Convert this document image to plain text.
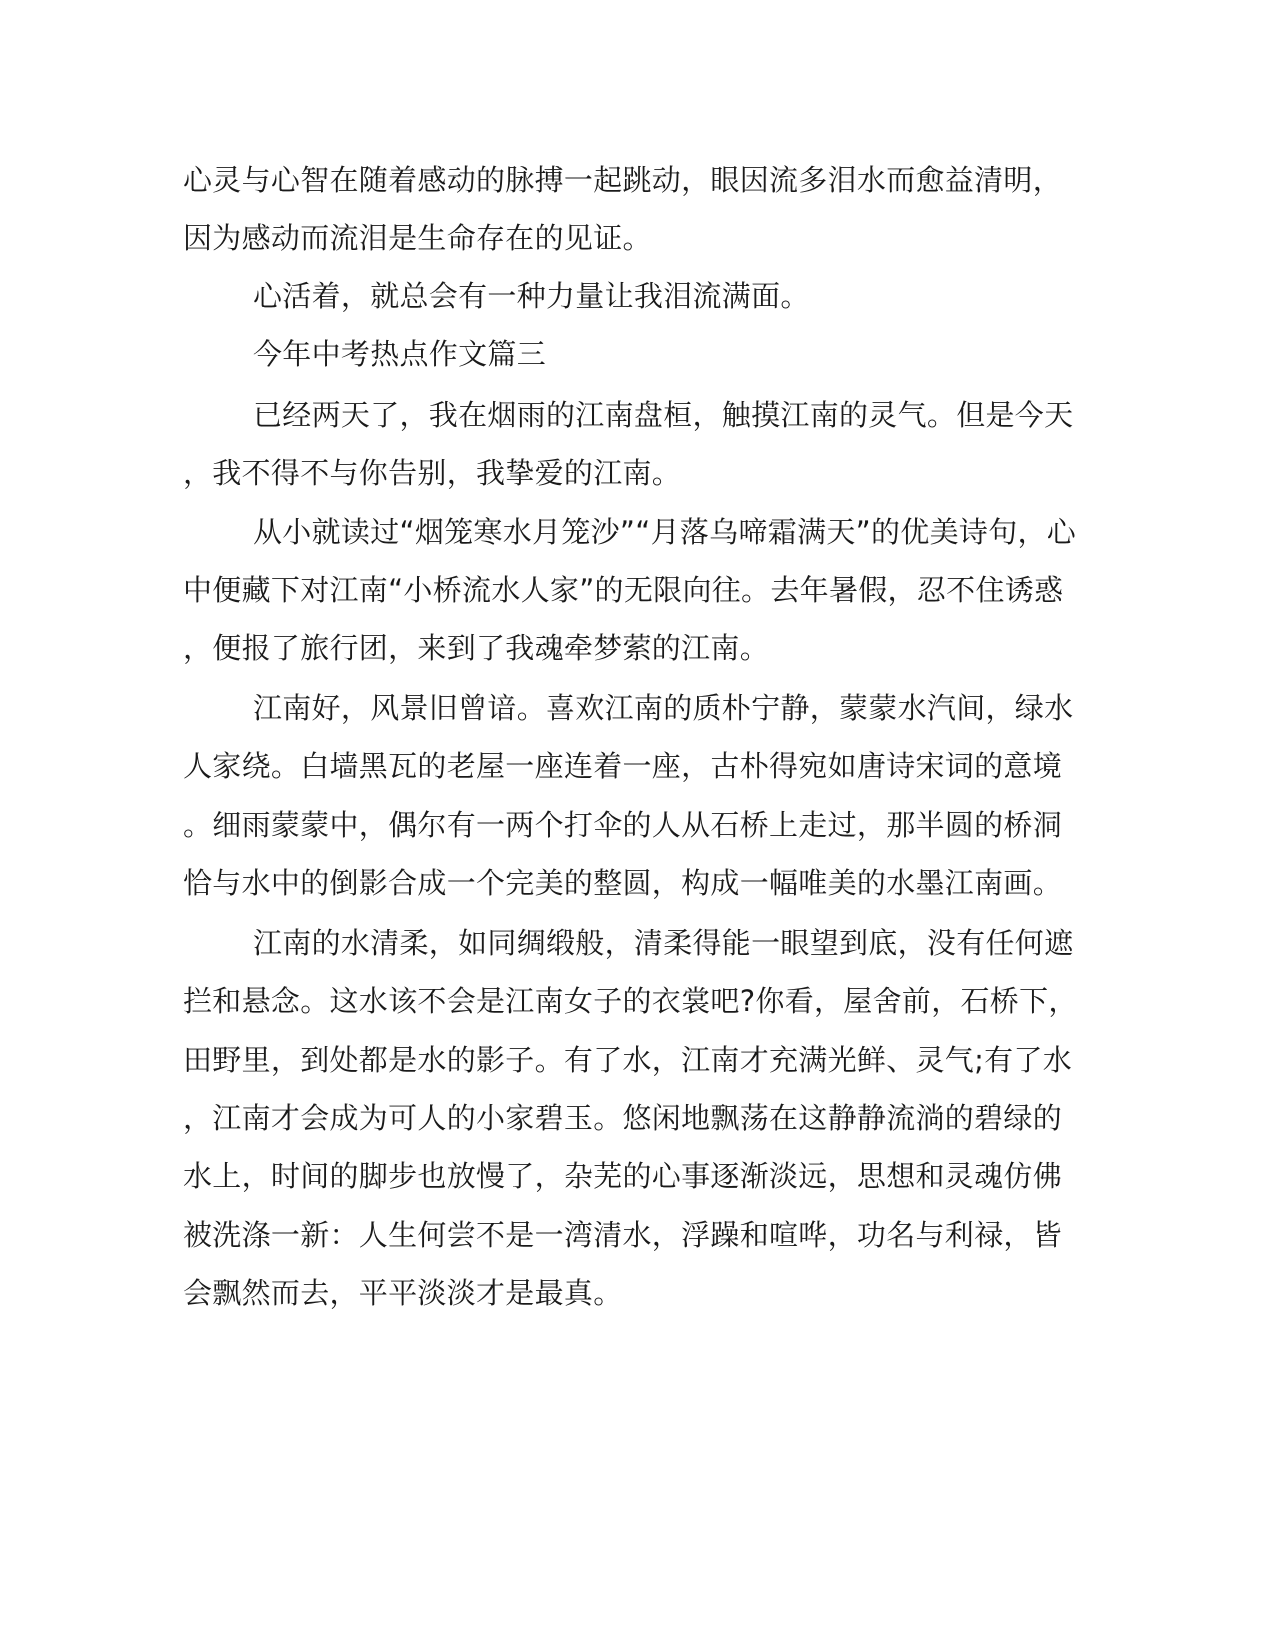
心灵与心智在随着感动的脉搏一起跳动，眼因流多泪水而愈益清明，
因为感动而流泪是生命存在的见证。
心活着，就总会有一种力量让我泪流满面。
今年中考热点作文篇三
已经两天了，我在烟雨的江南盘桓，触摸江南的灵气。但是今天
，我不得不与你告别，我挚爱的江南。
从小就读过“烟笼寒水月笼沙”“月落乌啼霜满天”的优美诗句，心
中便藏下对江南“小桥流水人家”的无限向往。去年暑假，忍不住诱惑
，便报了旅行团，来到了我魂牵梦萦的江南。
江南好，风景旧曾谙。喜欢江南的质朴宁静，蒙蒙水汽间，绿水
人家绕。白墙黑瓦的老屋一座连着一座，古朴得宛如唐诗宋词的意境
。细雨蒙蒙中，偶尔有一两个打伞的人从石桥上走过，那半圆的桥洞
恰与水中的倒影合成一个完美的整圆，构成一幅唯美的水墨江南画。
江南的水清柔，如同绸缎般，清柔得能一眼望到底，没有任何遮
拦和悬念。这水该不会是江南女子的衣裳吧?你看，屋舍前，石桥下，
田野里，到处都是水的影子。有了水，江南才充满光鲜、灵气;有了水
，江南才会成为可人的小家碧玉。悠闲地飘荡在这静静流淌的碧绿的
水上，时间的脚步也放慢了，杂芜的心事逐渐淡远，思想和灵魂仿佛
被洗涤一新：人生何尝不是一湾清水，浮躁和喧哗，功名与利禄，皆
会飘然而去，平平淡淡才是最真。
